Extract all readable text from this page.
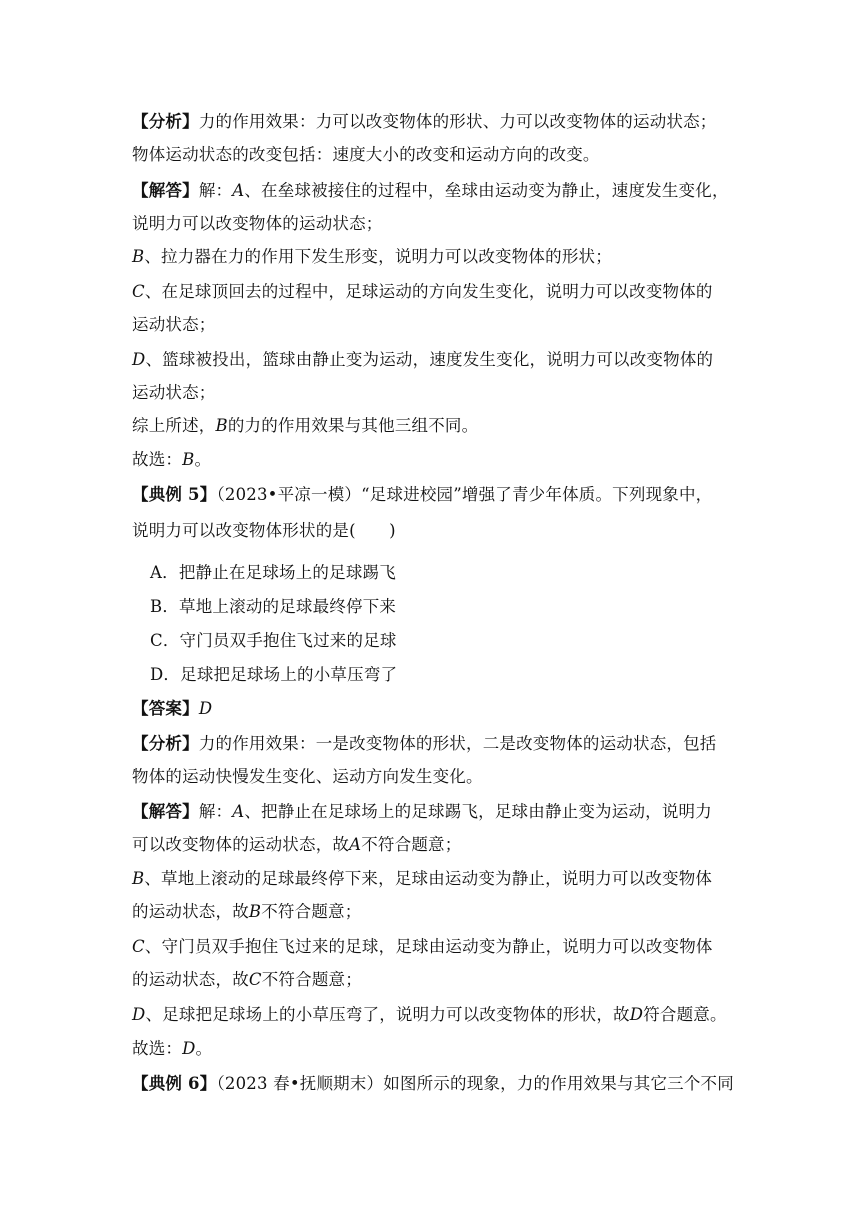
【分析】力的作用效果：力可以改变物体的形状、力可以改变物体的运动状态；
物体运动状态的改变包括：速度大小的改变和运动方向的改变。
【解答】解：A、在垒球被接住的过程中，垒球由运动变为静止，速度发生变化，
说明力可以改变物体的运动状态；
B、拉力器在力的作用下发生形变，说明力可以改变物体的形状；
C、在足球顶回去的过程中，足球运动的方向发生变化，说明力可以改变物体的
运动状态；
D、篮球被投出，篮球由静止变为运动，速度发生变化，说明力可以改变物体的
运动状态；
综上所述，B的力的作用效果与其他三组不同。
故选：B。
【典例 5】（2023•平凉一模）“足球进校园”增强了青少年体质。下列现象中，
说明力可以改变物体形状的是(　　)
A．把静止在足球场上的足球踢飞
B．草地上滚动的足球最终停下来
C．守门员双手抱住飞过来的足球
D．足球把足球场上的小草压弯了
【答案】D
【分析】力的作用效果：一是改变物体的形状，二是改变物体的运动状态，包括
物体的运动快慢发生变化、运动方向发生变化。
【解答】解：A、把静止在足球场上的足球踢飞，足球由静止变为运动，说明力
可以改变物体的运动状态，故A不符合题意；
B、草地上滚动的足球最终停下来，足球由运动变为静止，说明力可以改变物体
的运动状态，故B不符合题意；
C、守门员双手抱住飞过来的足球，足球由运动变为静止，说明力可以改变物体
的运动状态，故C不符合题意；
D、足球把足球场上的小草压弯了，说明力可以改变物体的形状，故D符合题意。
故选：D。
【典例 6】（2023 春•抚顺期末）如图所示的现象，力的作用效果与其它三个不同
